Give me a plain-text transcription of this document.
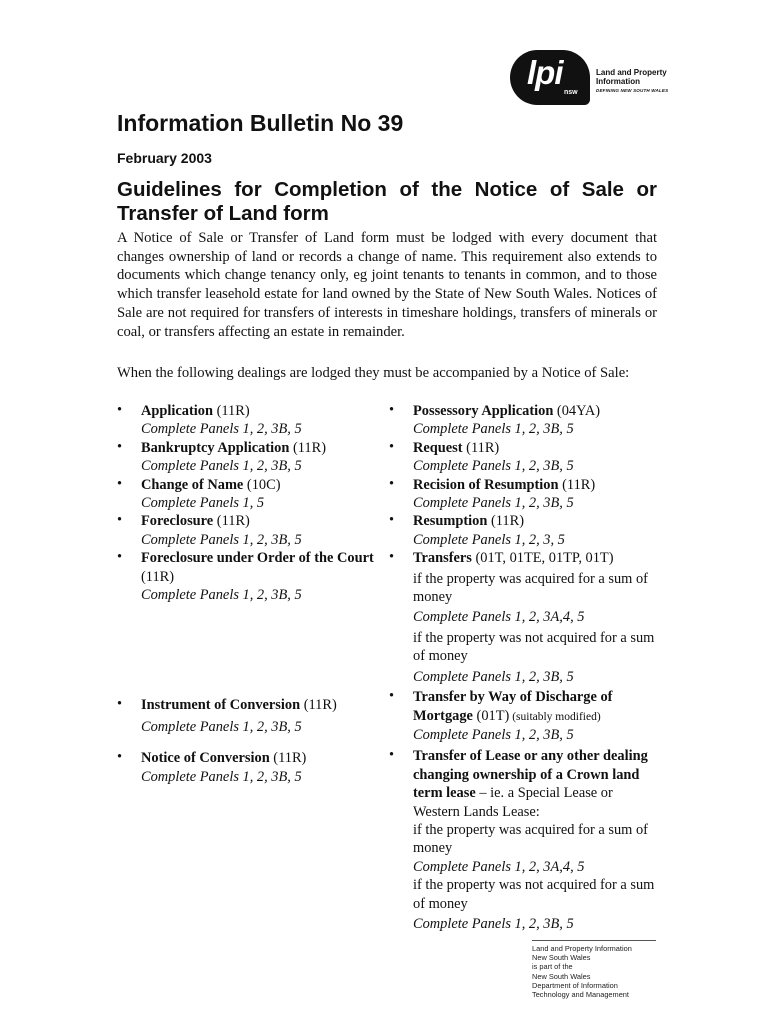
lpi
nsw
Land and Property
Information
DEFINING NEW SOUTH WALES
Information Bulletin No 39
February 2003
Guidelines for Completion of the Notice of Sale or Transfer of Land form
A Notice of Sale or Transfer of Land form must be lodged with every document that changes ownership of land or records a change of name. This requirement also extends to documents which change tenancy only, eg joint tenants to tenants in common, and to those which transfer leasehold estate for land owned by the State of New South Wales. Notices of Sale are not required for transfers of interests in timeshare holdings, transfers of minerals or coal, or transfers affecting an estate in remainder.
When the following dealings are lodged they must be accompanied by a Notice of Sale:
• Application (11R)
Complete Panels 1, 2, 3B, 5
• Bankruptcy Application (11R)
Complete Panels 1, 2, 3B, 5
• Change of Name (10C)
Complete Panels 1, 5
• Foreclosure (11R)
Complete Panels 1, 2, 3B, 5
• Foreclosure under Order of the Court (11R)
Complete Panels 1, 2, 3B, 5
• Instrument of Conversion (11R)
Complete Panels 1, 2, 3B, 5
• Notice of Conversion (11R)
Complete Panels 1, 2, 3B, 5
• Possessory Application (04YA)
Complete Panels 1, 2, 3B, 5
• Request (11R)
Complete Panels 1, 2, 3B, 5
• Recision of Resumption (11R)
Complete Panels 1, 2, 3B, 5
• Resumption (11R)
Complete Panels 1, 2, 3, 5
• Transfers (01T, 01TE, 01TP, 01T)
if the property was acquired for a sum of money
Complete Panels 1, 2, 3A,4, 5
if the property was not acquired for a sum of money
Complete Panels 1, 2, 3B, 5
• Transfer by Way of Discharge of Mortgage (01T) (suitably modified)
Complete Panels 1, 2, 3B, 5
• Transfer of Lease or any other dealing changing ownership of a Crown land term lease – ie. a Special Lease or Western Lands Lease:
if the property was acquired for a sum of money
Complete Panels 1, 2, 3A,4, 5
if the property was not acquired for a sum of money
Complete Panels 1, 2, 3B, 5
Land and Property Information
New South Wales
is part of the
New South Wales
Department of Information
Technology and Management
